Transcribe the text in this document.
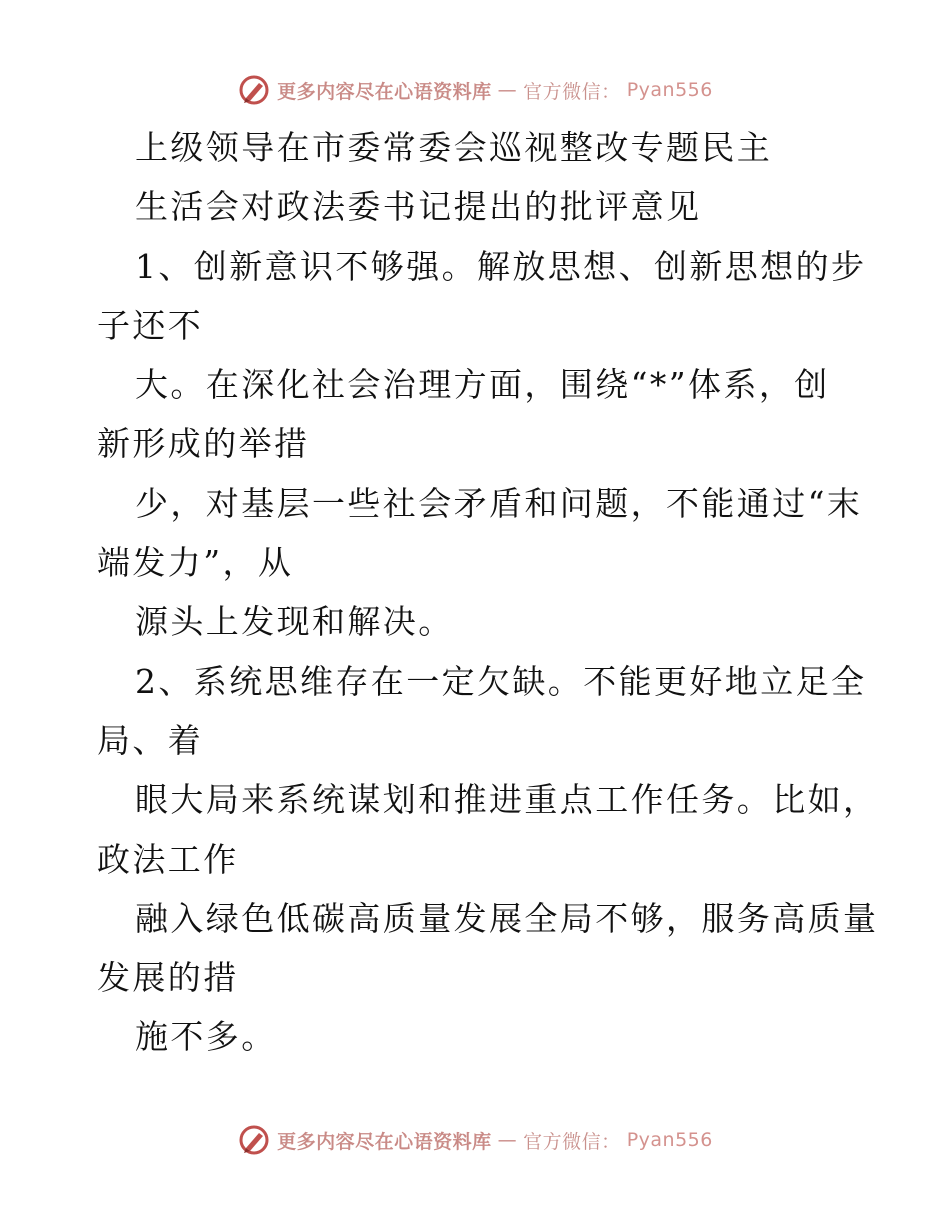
更多内容尽在心语资料库 — 官方微信： Pyan556
上级领导在市委常委会巡视整改专题民主
生活会对政法委书记提出的批评意见
1、创新意识不够强。解放思想、创新思想的步
子还不
大。在深化社会治理方面，围绕“*”体系，创
新形成的举措
少，对基层一些社会矛盾和问题，不能通过“末
端发力”，从
源头上发现和解决。
2、系统思维存在一定欠缺。不能更好地立足全
局、着
眼大局来系统谋划和推进重点工作任务。比如，
政法工作
融入绿色低碳高质量发展全局不够，服务高质量
发展的措
施不多。
更多内容尽在心语资料库 — 官方微信： Pyan556
